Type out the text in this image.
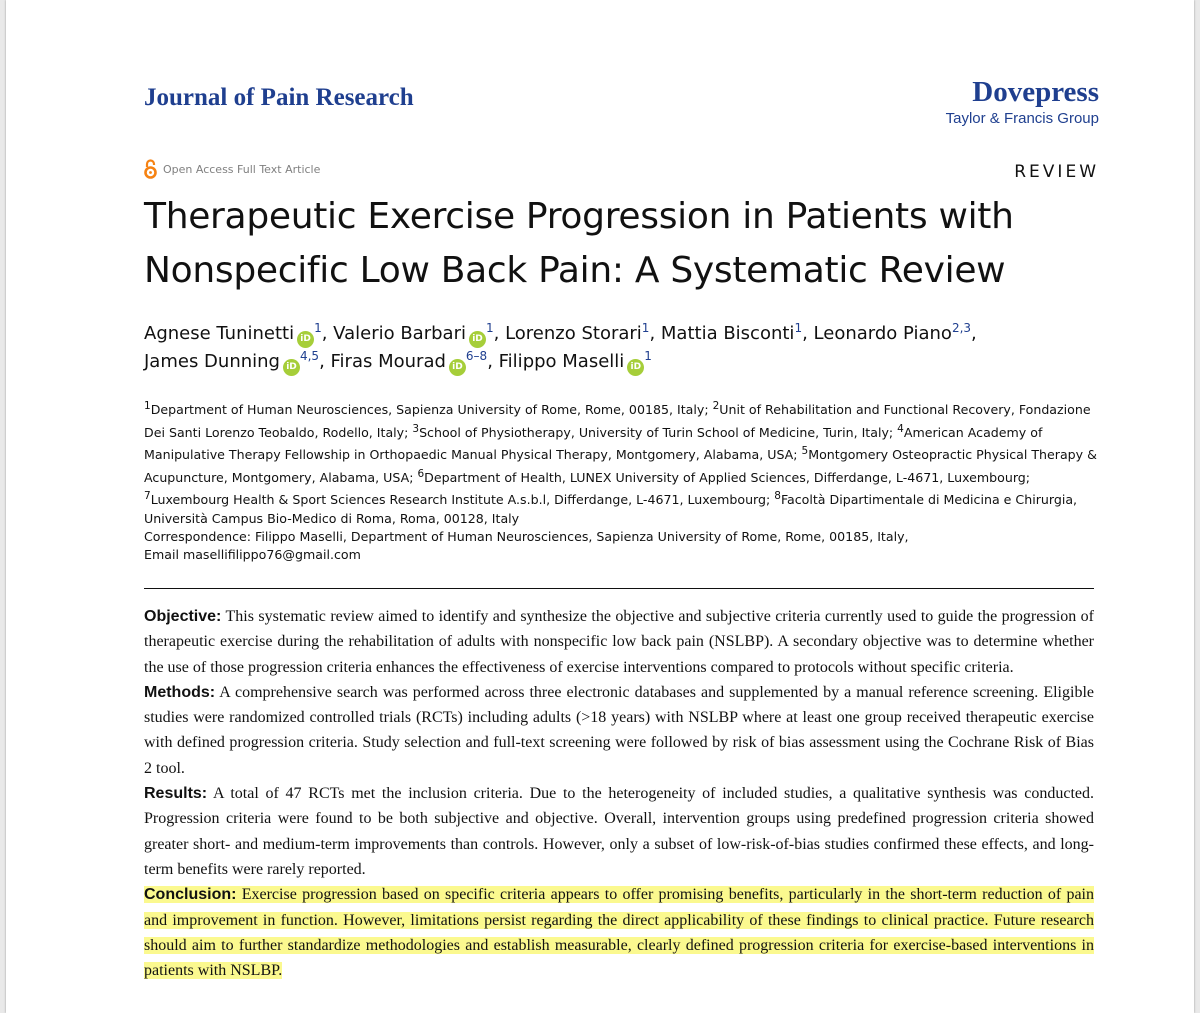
Journal of Pain Research	Dovepress
Taylor & Francis Group
Open Access Full Text Article	REVIEW
Therapeutic Exercise Progression in Patients with
Nonspecific Low Back Pain: A Systematic Review
Agnese Tuninetti iD$^1$, Valerio Barbari iD$^1$, Lorenzo Storari$^1$, Mattia Bisconti$^1$, Leonardo Piano$^{2,3}$,
James Dunning iD$^{4,5}$, Firas Mourad iD$^{6-8}$, Filippo Maselli iD$^1$

$^1$Department of Human Neurosciences, Sapienza University of Rome, Rome, 00185, Italy; $^2$Unit of Rehabilitation and Functional Recovery, Fondazione Dei Santi Lorenzo Teobaldo, Rodello, Italy; $^3$School of Physiotherapy, University of Turin School of Medicine, Turin, Italy; $^4$American Academy of Manipulative Therapy Fellowship in Orthopaedic Manual Physical Therapy, Montgomery, Alabama, USA; $^5$Montgomery Osteopractic Physical Therapy & Acupuncture, Montgomery, Alabama, USA; $^6$Department of Health, LUNEX University of Applied Sciences, Differdange, L-4671, Luxembourg; $^7$Luxembourg Health & Sport Sciences Research Institute A.s.b.l, Differdange, L-4671, Luxembourg; $^8$Facoltà Dipartimentale di Medicina e Chirurgia, Università Campus Bio-Medico di Roma, Roma, 00128, Italy

Correspondence: Filippo Maselli, Department of Human Neurosciences, Sapienza University of Rome, Rome, 00185, Italy,

Email masellifilippo76@gmail.com

Objective: This systematic review aimed to identify and synthesize the objective and subjective criteria currently used to guide the progression of therapeutic exercise during the rehabilitation of adults with nonspecific low back pain (NSLBP). A secondary objective was to determine whether the use of those progression criteria enhances the effectiveness of exercise interventions compared to protocols without specific criteria.

Methods: A comprehensive search was performed across three electronic databases and supplemented by a manual reference screening. Eligible studies were randomized controlled trials (RCTs) including adults (>18 years) with NSLBP where at least one group received therapeutic exercise with defined progression criteria. Study selection and full-text screening were followed by risk of bias assessment using the Cochrane Risk of Bias 2 tool.

Results: A total of 47 RCTs met the inclusion criteria. Due to the heterogeneity of included studies, a qualitative synthesis was conducted. Progression criteria were found to be both subjective and objective. Overall, intervention groups using predefined progression criteria showed greater short- and medium-term improvements than controls. However, only a subset of low-risk-of-bias studies confirmed these effects, and long-term benefits were rarely reported.

Conclusion: Exercise progression based on specific criteria appears to offer promising benefits, particularly in the short-term reduction of pain and improvement in function. However, limitations persist regarding the direct applicability of these findings to clinical practice. Future research should aim to further standardize methodologies and establish measurable, clearly defined progression criteria for exercise-based interventions in patients with NSLBP.
